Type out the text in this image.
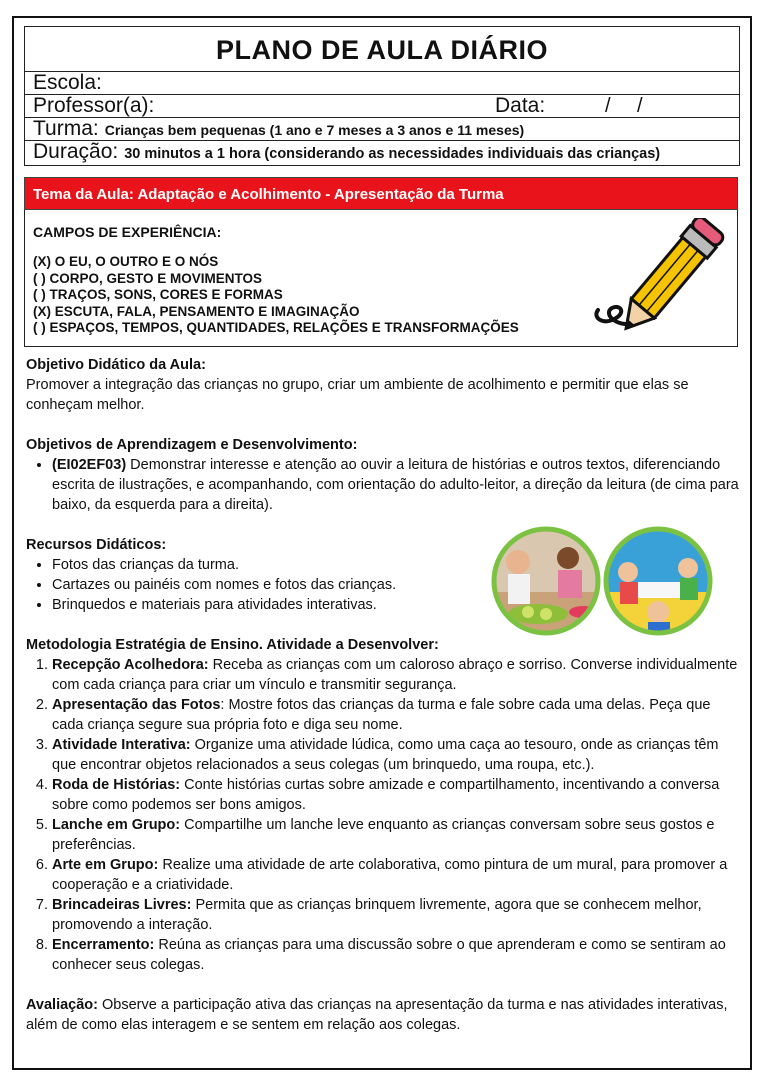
PLANO DE AULA DIÁRIO
Escola:
Professor(a):	Data:	/ /
Turma: Crianças bem pequenas (1 ano e 7 meses a 3 anos e 11 meses)
Duração: 30 minutos a 1 hora (considerando as necessidades individuais das crianças)
Tema da Aula: Adaptação e Acolhimento - Apresentação da Turma
CAMPOS DE EXPERIÊNCIA:
(X) O EU, O OUTRO E O NÓS
( ) CORPO, GESTO E MOVIMENTOS
( ) TRAÇOS, SONS, CORES E FORMAS
(X) ESCUTA, FALA, PENSAMENTO E IMAGINAÇÃO
( ) ESPAÇOS, TEMPOS, QUANTIDADES, RELAÇÕES E TRANSFORMAÇÕES
Objetivo Didático da Aula:
Promover a integração das crianças no grupo, criar um ambiente de acolhimento e permitir que elas se conheçam melhor.
Objetivos de Aprendizagem e Desenvolvimento:
• (EI02EF03) Demonstrar interesse e atenção ao ouvir a leitura de histórias e outros textos, diferenciando escrita de ilustrações, e acompanhando, com orientação do adulto-leitor, a direção da leitura (de cima para baixo, da esquerda para a direita).
Recursos Didáticos:
• Fotos das crianças da turma.
• Cartazes ou painéis com nomes e fotos das crianças.
• Brinquedos e materiais para atividades interativas.
Metodologia Estratégia de Ensino. Atividade a Desenvolver:
1. Recepção Acolhedora: Receba as crianças com um caloroso abraço e sorriso. Converse individualmente com cada criança para criar um vínculo e transmitir segurança.
2. Apresentação das Fotos: Mostre fotos das crianças da turma e fale sobre cada uma delas. Peça que cada criança segure sua própria foto e diga seu nome.
3. Atividade Interativa: Organize uma atividade lúdica, como uma caça ao tesouro, onde as crianças têm que encontrar objetos relacionados a seus colegas (um brinquedo, uma roupa, etc.).
4. Roda de Histórias: Conte histórias curtas sobre amizade e compartilhamento, incentivando a conversa sobre como podemos ser bons amigos.
5. Lanche em Grupo: Compartilhe um lanche leve enquanto as crianças conversam sobre seus gostos e preferências.
6. Arte em Grupo: Realize uma atividade de arte colaborativa, como pintura de um mural, para promover a cooperação e a criatividade.
7. Brincadeiras Livres: Permita que as crianças brinquem livremente, agora que se conhecem melhor, promovendo a interação.
8. Encerramento: Reúna as crianças para uma discussão sobre o que aprenderam e como se sentiram ao conhecer seus colegas.
Avaliação: Observe a participação ativa das crianças na apresentação da turma e nas atividades interativas, além de como elas interagem e se sentem em relação aos colegas.
